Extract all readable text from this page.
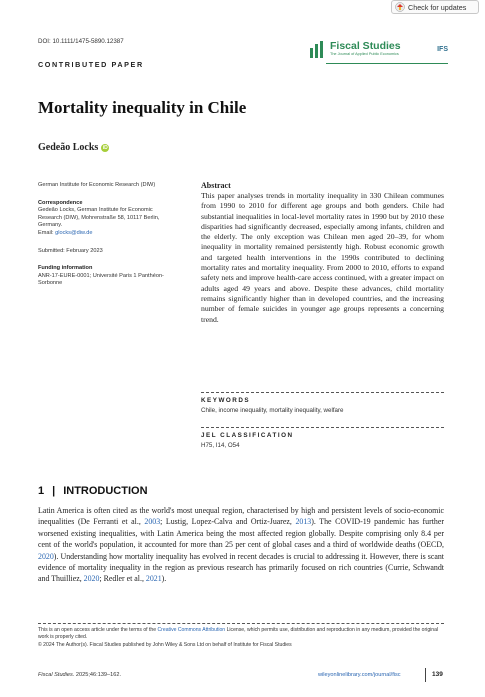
Check for updates
DOI: 10.1111/1475-5890.12387	Fiscal Studies
The Journal of Applied Public Economics
IFS
CONTRIBUTED PAPER
Mortality inequality in Chile
Gedeão Locks iD
German Institute for Economic Research (DIW)
Correspondence
Gedeão Locks, German Institute for Economic Research (DIW), Mohrenstraße 58, 10117 Berlin, Germany.
Email: glocks@diw.de
Submitted: February 2023
Funding information
ANR-17-EURE-0001; Université Paris 1 Panthéon-Sorbonne
Abstract
This paper analyses trends in mortality inequality in 330 Chilean communes from 1990 to 2010 for different age groups and both genders. Chile had substantial inequalities in local-level mortality rates in 1990 but by 2010 these disparities had significantly decreased, especially among infants, children and the elderly. The only exception was Chilean men aged 20–39, for whom inequality in mortality remained persistently high. Robust economic growth and targeted health interventions in the 1990s contributed to declining mortality rates and mortality inequality. From 2000 to 2010, efforts to expand safety nets and improve health-care access continued, with a greater impact on adults aged 49 years and above. Despite these advances, child mortality remains significantly higher than in developed countries, and the increasing number of female suicides in younger age groups represents a concerning trend.
KEYWORDS
Chile, income inequality, mortality inequality, welfare
JEL CLASSIFICATION
H75, I14, O54
1 | INTRODUCTION
Latin America is often cited as the world's most unequal region, characterised by high and persistent levels of socio-economic inequalities (De Ferranti et al., 2003; Lustig, Lopez-Calva and Ortiz-Juarez, 2013). The COVID-19 pandemic has further worsened existing inequalities, with Latin America being the most affected region globally. Despite comprising only 8.4 per cent of the world's population, it accounted for more than 25 per cent of global cases and a third of worldwide deaths (OECD, 2020). Understanding how mortality inequality has evolved in recent decades is crucial to addressing it. However, there is scant evidence of mortality inequality in the region as previous research has primarily focused on rich countries (Currie, Schwandt and Thuilliez, 2020; Redler et al., 2021).
This is an open access article under the terms of the Creative Commons Attribution License, which permits use, distribution and reproduction in any medium, provided the original work is properly cited.
© 2024 The Author(s). Fiscal Studies published by John Wiley & Sons Ltd on behalf of Institute for Fiscal Studies
Fiscal Studies. 2025;46:139–162.	wileyonlinelibrary.com/journal/fisc	139
